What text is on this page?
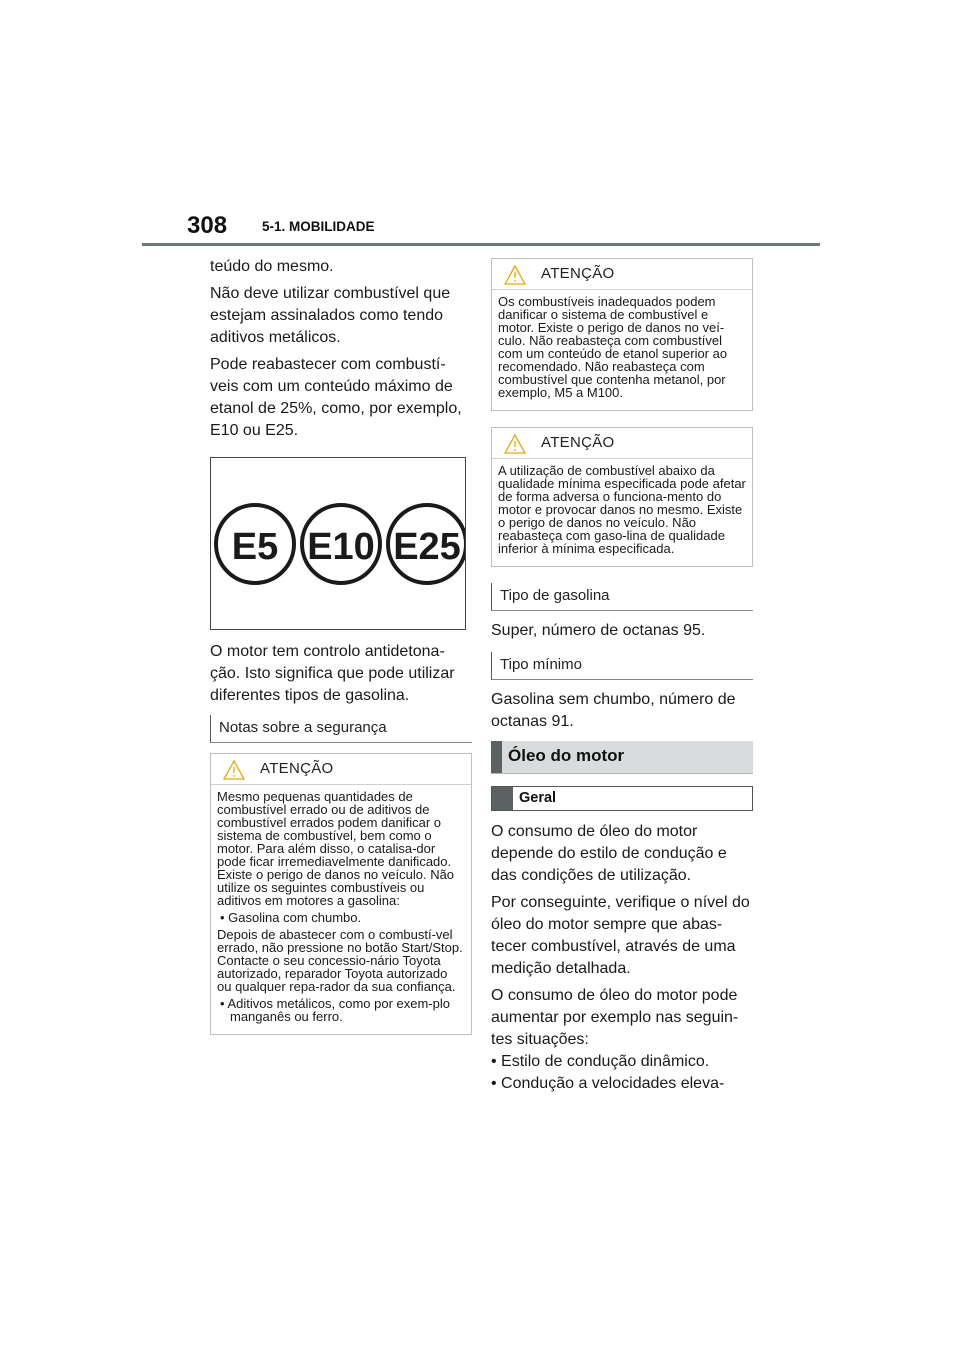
308	5-1. MOBILIDADE

teúdo do mesmo.

Não deve utilizar combustível que estejam assinalados como tendo aditivos metálicos.

Pode reabastecer com combustí-veis com um conteúdo máximo de etanol de 25%, como, por exemplo, E10 ou E25.

E5 E10 E25

O motor tem controlo antidetona-ção. Isto significa que pode utilizar diferentes tipos de gasolina.

Notas sobre a segurança
ATENÇÃO

Mesmo pequenas quantidades de combustível errado ou de aditivos de combustível errados podem danificar o sistema de combustível, bem como o motor. Para além disso, o catalisa-dor pode ficar irremediavelmente danificado. Existe o perigo de danos no veículo. Não utilize os seguintes combustíveis ou aditivos em motores a gasolina:

• Gasolina com chumbo.

Depois de abastecer com o combustí-vel errado, não pressione no botão Start/Stop. Contacte o seu concessio-nário Toyota autorizado, reparador Toyota autorizado ou qualquer repa-rador da sua confiança.

• Aditivos metálicos, como por exem-plo manganês ou ferro.

ATENÇÃO

Os combustíveis inadequados podem danificar o sistema de combustível e motor. Existe o perigo de danos no veí-culo. Não reabasteça com combustível com um conteúdo de etanol superior ao recomendado. Não reabasteça com combustível que contenha metanol, por exemplo, M5 a M100.

ATENÇÃO

A utilização de combustível abaixo da qualidade mínima especificada pode afetar de forma adversa o funciona-mento do motor e provocar danos no mesmo. Existe o perigo de danos no veículo. Não reabasteça com gaso-lina de qualidade inferior à mínima especificada.

Tipo de gasolina

Super, número de octanas 95.

Tipo mínimo

Gasolina sem chumbo, número de octanas 91.

Óleo do motor
Geral

O consumo de óleo do motor depende do estilo de condução e das condições de utilização.

Por conseguinte, verifique o nível do óleo do motor sempre que abas-tecer combustível, através de uma medição detalhada.

O consumo de óleo do motor pode aumentar por exemplo nas seguin-tes situações:

• Estilo de condução dinâmico.

• Condução a velocidades eleva-
